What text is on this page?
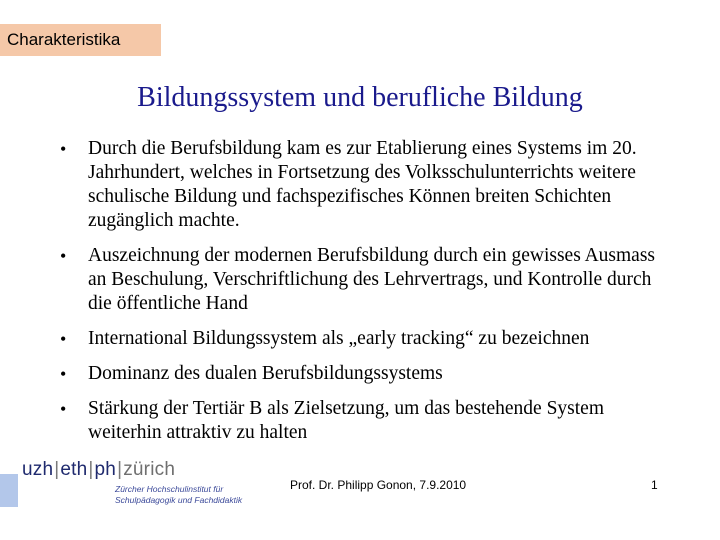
Charakteristika
Bildungssystem und berufliche Bildung
• Durch die Berufsbildung kam es zur Etablierung eines Systems im 20. Jahrhundert, welches in Fortsetzung des Volksschulunterrichts weitere schulische Bildung und fachspezifisches Können breiten Schichten zugänglich machte.
• Auszeichnung der modernen Berufsbildung durch ein gewisses Ausmass an Beschulung, Verschriftlichung des Lehrvertrags, und Kontrolle durch die öffentliche Hand
• International Bildungssystem als „early tracking“ zu bezeichnen
• Dominanz des dualen Berufsbildungssystems
• Stärkung der Tertiär B als Zielsetzung, um das bestehende System weiterhin attraktiv zu halten
uzh | eth | ph | zürich
Zürcher Hochschulinstitut für
Schulpädagogik und Fachdidaktik
Prof. Dr. Philipp Gonon, 7.9.2010	1
